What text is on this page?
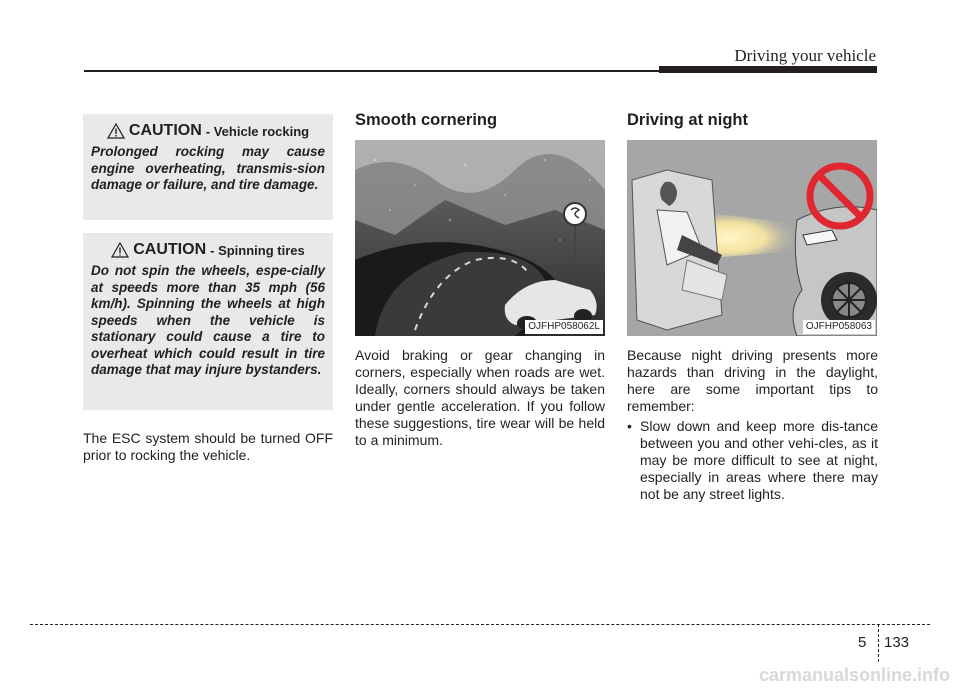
Driving your vehicle
CAUTION - Vehicle rocking
Prolonged rocking may cause engine overheating, transmis-sion damage or failure, and tire damage.
CAUTION - Spinning tires
Do not spin the wheels, espe-cially at speeds more than 35 mph (56 km/h). Spinning the wheels at high speeds when the vehicle is stationary could cause a tire to overheat which could result in tire damage that may injure bystanders.
The ESC system should be turned OFF prior to rocking the vehicle.
Smooth cornering
OJFHP058062L
Avoid braking or gear changing in corners, especially when roads are wet. Ideally, corners should always be taken under gentle acceleration. If you follow these suggestions, tire wear will be held to a minimum.
Driving at night
OJFHP058063
Because night driving presents more hazards than driving in the daylight, here are some important tips to remember:
• Slow down and keep more dis-tance between you and other vehi-cles, as it may be more difficult to see at night, especially in areas where there may not be any street lights.
5 133
carmanualsonline.info
